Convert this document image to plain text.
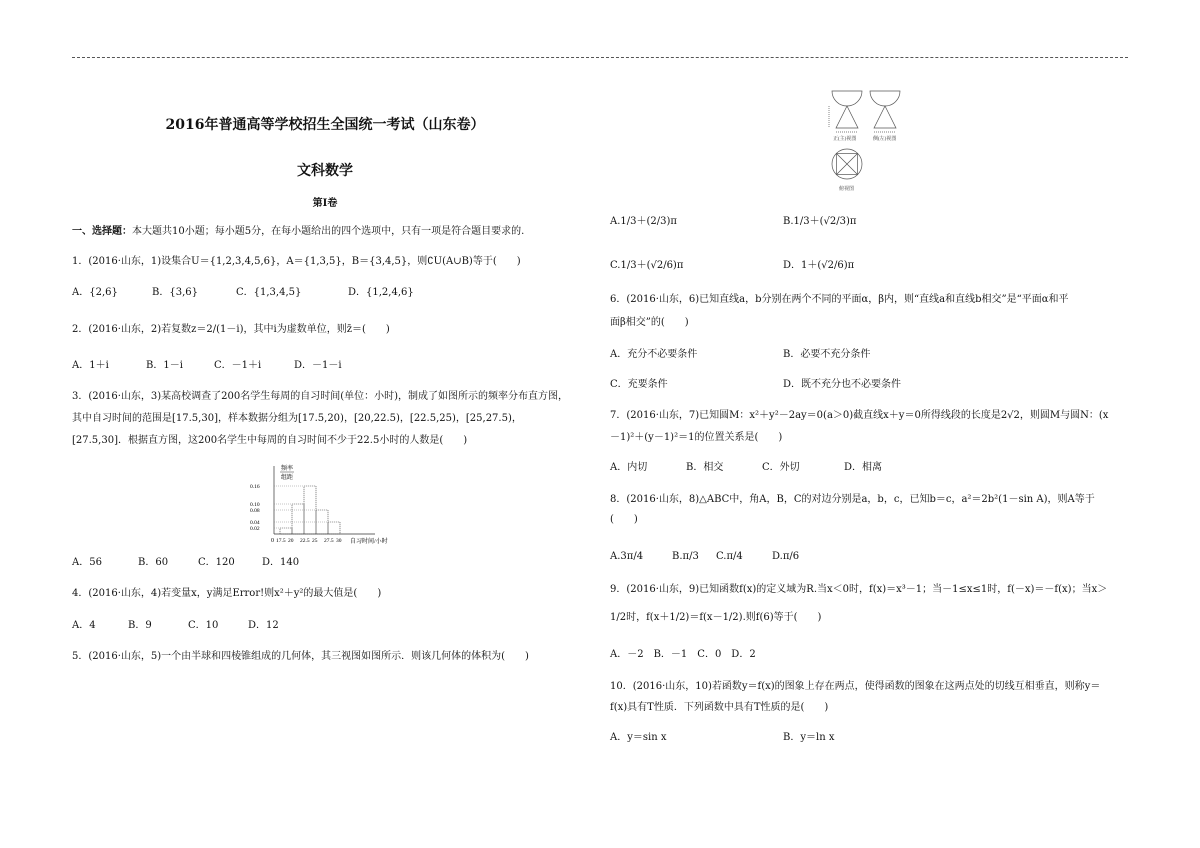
2016年普通高等学校招生全国统一考试（山东卷）
文科数学
第Ⅰ卷
一、选择题：本大题共10小题；每小题5分，在每小题给出的四个选项中，只有一项是符合题目要求的.
1．(2016·山东，1)设集合U＝{1,2,3,4,5,6}，A＝{1,3,5}，B＝{3,4,5}，则∁U(A∪B)等于(　　)
A．{2,6}	B．{3,6}	C．{1,3,4,5}	D．{1,2,4,6}
2．(2016·山东，2)若复数z＝2/(1－i)，其中i为虚数单位，则z̄＝(　　)
A．1＋i	B．1－i	C．－1＋i	D．－1－i
3．(2016·山东，3)某高校调查了200名学生每周的自习时间(单位：小时)，制成了如图所示的频率分布直方图，
其中自习时间的范围是[17.5,30]，样本数据分组为[17.5,20)，[20,22.5)，[22.5,25)，[25,27.5)，
[27.5,30]．根据直方图，这200名学生中每周的自习时间不少于22.5小时的人数是(　　)
频率
组距
0	自习时间/小时
0.16
0.10
0.08
0.04
0.02
17.5 20 22.5 25 27.5 30
A．56	B．60	C．120	D．140
4．(2016·山东，4)若变量x，y满足Error!则x²＋y²的最大值是(　　)
A．4	B．9	C．10	D．12
5．(2016·山东，5)一个由半球和四棱锥组成的几何体，其三视图如图所示．则该几何体的体积为(　　)
正(主)视图	侧(左)视图
俯视图
A.1/3＋(2/3)π	B.1/3＋(√2/3)π
C.1/3＋(√2/6)π	D．1＋(√2/6)π
6．(2016·山东，6)已知直线a，b分别在两个不同的平面α，β内，则“直线a和直线b相交”是“平面α和平
面β相交”的(　　)
A．充分不必要条件	B．必要不充分条件
C．充要条件	D．既不充分也不必要条件
7．(2016·山东，7)已知圆M：x²＋y²－2ay＝0(a＞0)截直线x＋y＝0所得线段的长度是2√2，则圆M与圆N：(x
－1)²＋(y－1)²＝1的位置关系是(　　)
A．内切	B．相交	C．外切	D．相离
8．(2016·山东，8)△ABC中，角A，B，C的对边分别是a，b，c，已知b＝c，a²＝2b²(1－sin A)，则A等于
(　　)
A.3π/4	B.π/3 C.π/4	D.π/6
9．(2016·山东，9)已知函数f(x)的定义域为R.当x＜0时，f(x)＝x³－1；当－1≤x≤1时，f(－x)＝－f(x)；当x＞
1/2时，f(x＋1/2)＝f(x－1/2).则f(6)等于(　　)
A．－2　B．－1　C．0　D．2
10．(2016·山东，10)若函数y＝f(x)的图象上存在两点，使得函数的图象在这两点处的切线互相垂直，则称y＝
f(x)具有T性质．下列函数中具有T性质的是(　　)
A．y＝sin x	B．y＝ln x
